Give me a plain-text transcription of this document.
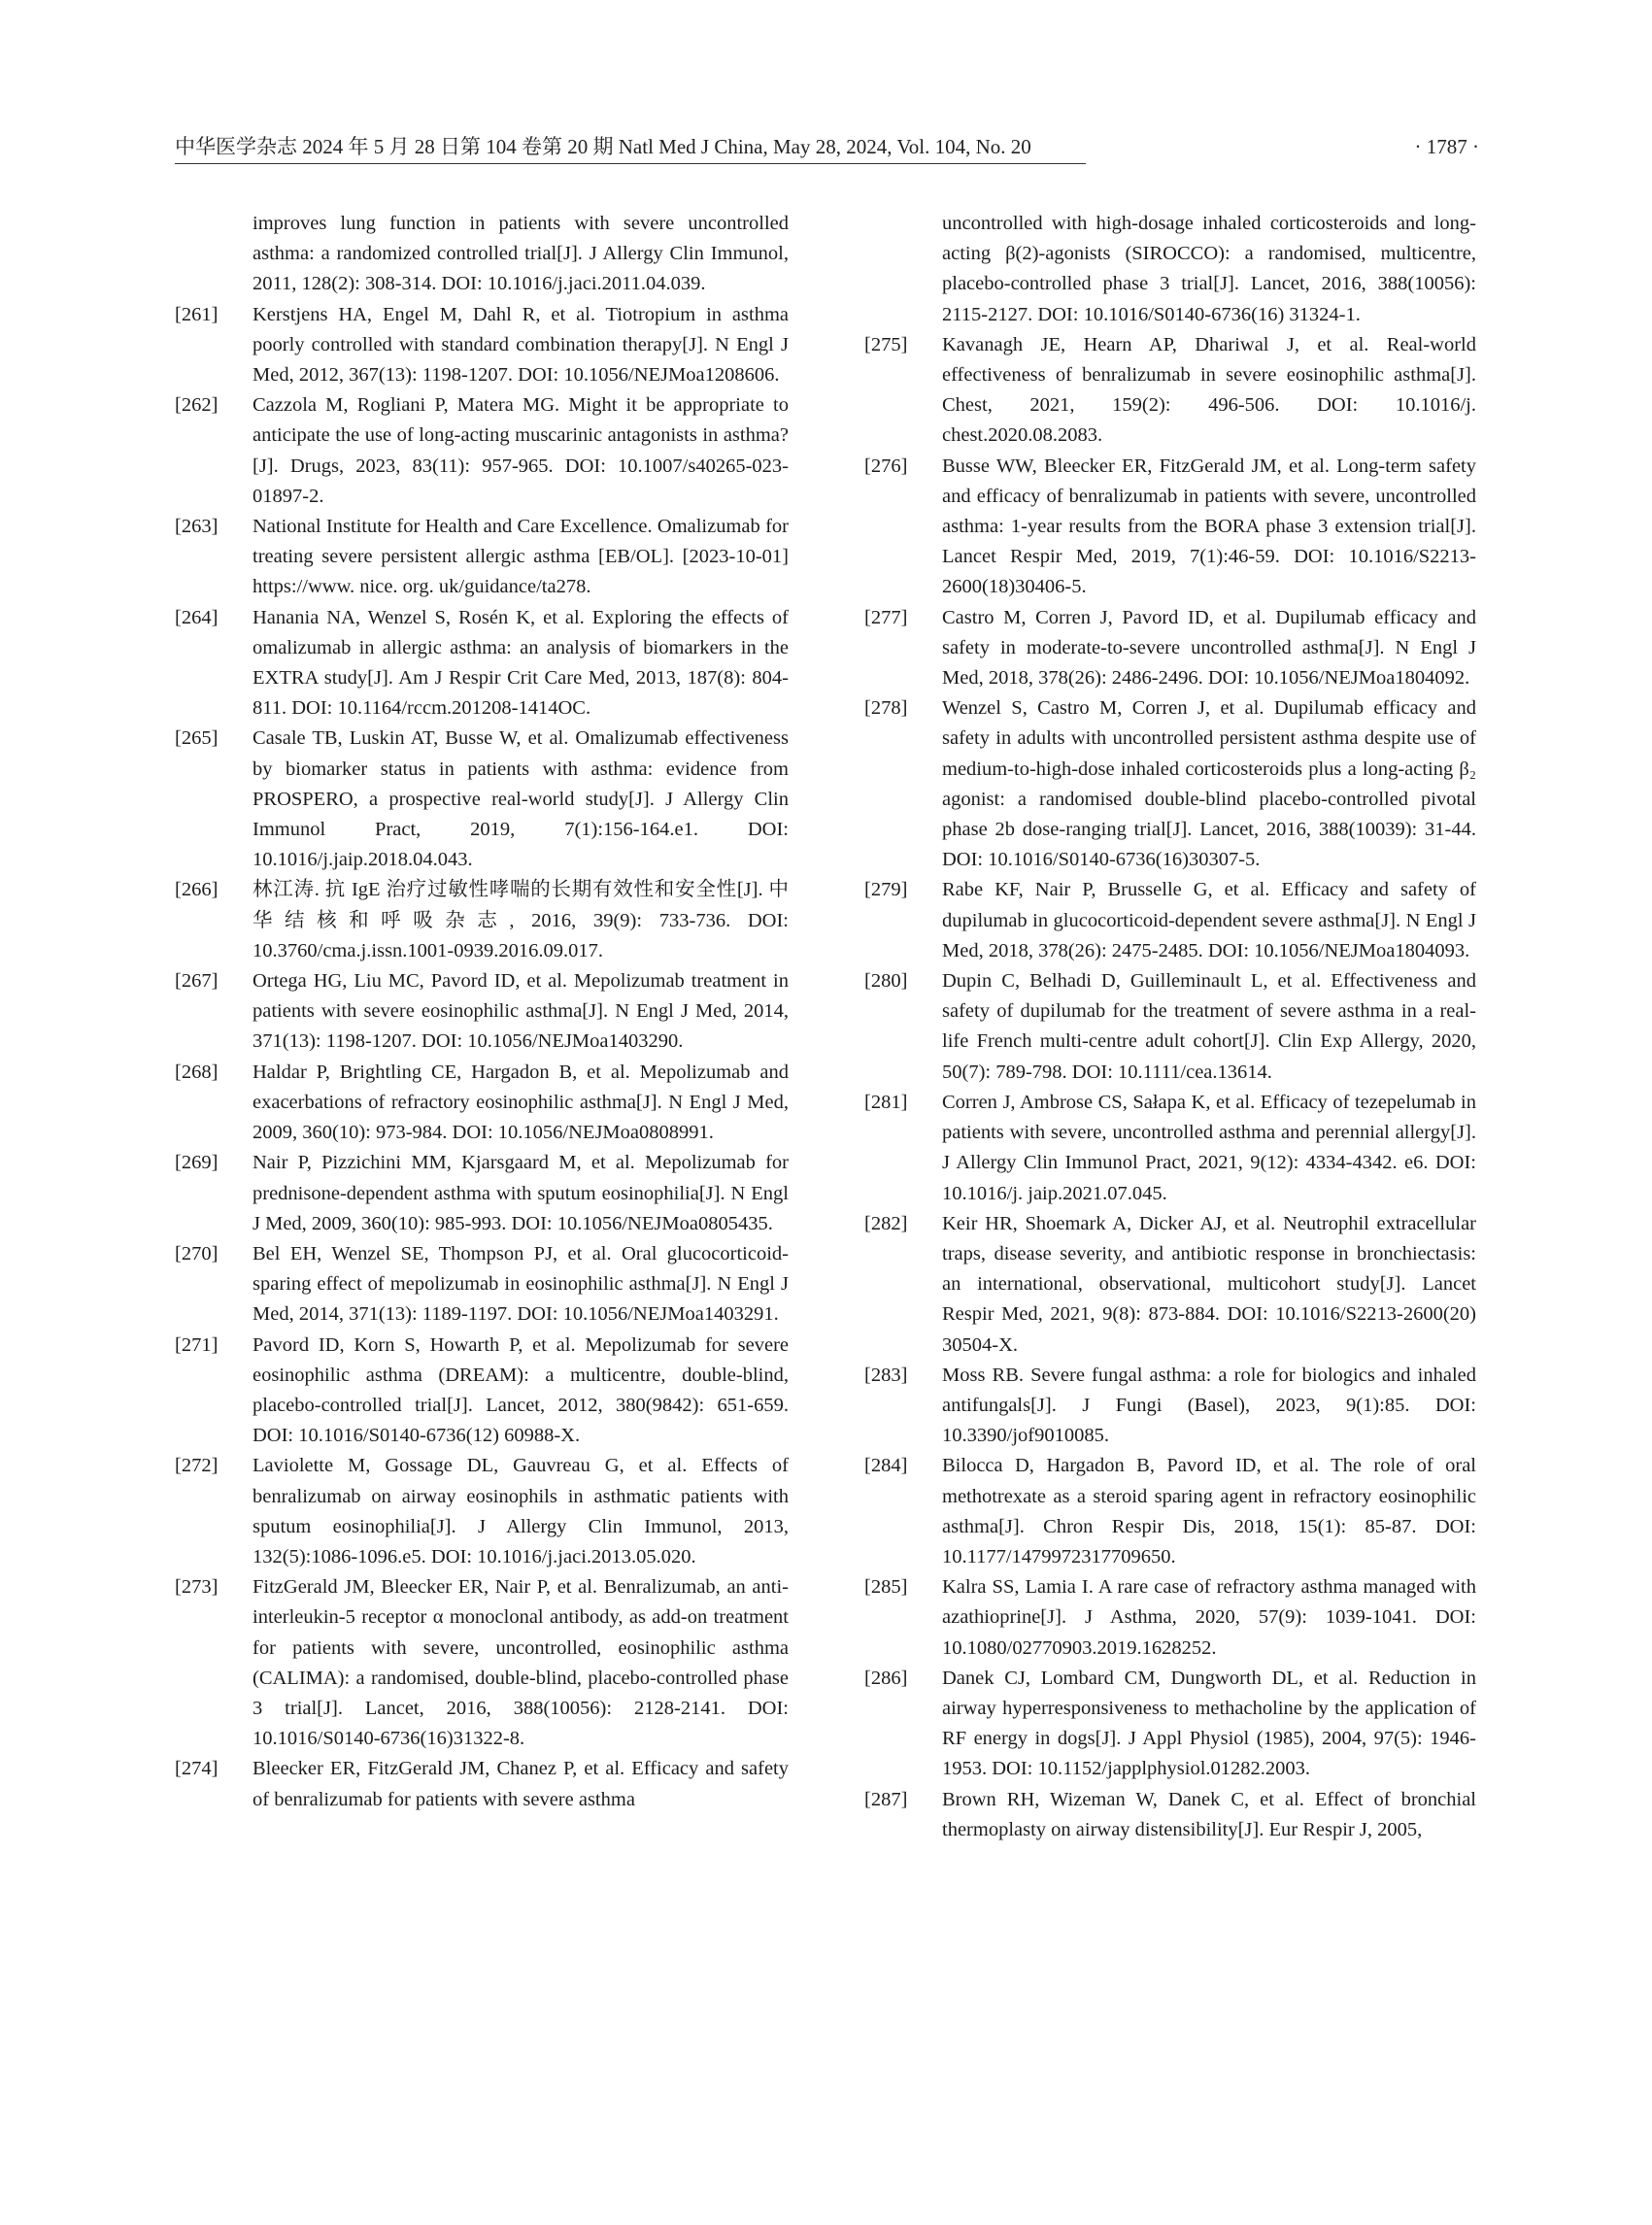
中华医学杂志 2024 年 5 月 28 日第 104 卷第 20 期 Natl Med J China, May 28, 2024, Vol. 104, No. 20	· 1787 ·
improves lung function in patients with severe uncontrolled asthma: a randomized controlled trial[J]. J Allergy Clin Immunol, 2011, 128(2): 308-314. DOI: 10.1016/j.jaci.2011.04.039.
[261]	Kerstjens HA, Engel M, Dahl R, et al. Tiotropium in asthma poorly controlled with standard combination therapy[J]. N Engl J Med, 2012, 367(13): 1198-1207. DOI: 10.1056/NEJMoa1208606.
[262]	Cazzola M, Rogliani P, Matera MG. Might it be appropriate to anticipate the use of long-acting muscarinic antagonists in asthma? [J]. Drugs, 2023, 83(11): 957-965. DOI: 10.1007/s40265-023-01897-2.
[263]	National Institute for Health and Care Excellence. Omalizumab for treating severe persistent allergic asthma [EB/OL]. [2023-10-01] https://www. nice. org. uk/guidance/ta278.
[264]	Hanania NA, Wenzel S, Rosén K, et al. Exploring the effects of omalizumab in allergic asthma: an analysis of biomarkers in the EXTRA study[J]. Am J Respir Crit Care Med, 2013, 187(8): 804-811. DOI: 10.1164/rccm.201208-1414OC.
[265]	Casale TB, Luskin AT, Busse W, et al. Omalizumab effectiveness by biomarker status in patients with asthma: evidence from PROSPERO, a prospective real-world study[J]. J Allergy Clin Immunol Pract, 2019, 7(1):156-164.e1. DOI: 10.1016/j.jaip.2018.04.043.
[266]	林江涛. 抗 IgE 治疗过敏性哮喘的长期有效性和安全性[J]. 中华结核和呼吸杂志, 2016, 39(9): 733-736. DOI: 10.3760/cma.j.issn.1001-0939.2016.09.017.
[267]	Ortega HG, Liu MC, Pavord ID, et al. Mepolizumab treatment in patients with severe eosinophilic asthma[J]. N Engl J Med, 2014, 371(13): 1198-1207. DOI: 10.1056/NEJMoa1403290.
[268]	Haldar P, Brightling CE, Hargadon B, et al. Mepolizumab and exacerbations of refractory eosinophilic asthma[J]. N Engl J Med, 2009, 360(10): 973-984. DOI: 10.1056/NEJMoa0808991.
[269]	Nair P, Pizzichini MM, Kjarsgaard M, et al. Mepolizumab for prednisone-dependent asthma with sputum eosinophilia[J]. N Engl J Med, 2009, 360(10): 985-993. DOI: 10.1056/NEJMoa0805435.
[270]	Bel EH, Wenzel SE, Thompson PJ, et al. Oral glucocorticoid-sparing effect of mepolizumab in eosinophilic asthma[J]. N Engl J Med, 2014, 371(13): 1189-1197. DOI: 10.1056/NEJMoa1403291.
[271]	Pavord ID, Korn S, Howarth P, et al. Mepolizumab for severe eosinophilic asthma (DREAM): a multicentre, double-blind, placebo-controlled trial[J]. Lancet, 2012, 380(9842): 651-659. DOI: 10.1016/S0140-6736(12) 60988-X.
[272]	Laviolette M, Gossage DL, Gauvreau G, et al. Effects of benralizumab on airway eosinophils in asthmatic patients with sputum eosinophilia[J]. J Allergy Clin Immunol, 2013, 132(5):1086-1096.e5. DOI: 10.1016/j.jaci.2013.05.020.
[273]	FitzGerald JM, Bleecker ER, Nair P, et al. Benralizumab, an anti-interleukin-5 receptor α monoclonal antibody, as add-on treatment for patients with severe, uncontrolled, eosinophilic asthma (CALIMA): a randomised, double-blind, placebo-controlled phase 3 trial[J]. Lancet, 2016, 388(10056): 2128-2141. DOI: 10.1016/S0140-6736(16)31322-8.
[274]	Bleecker ER, FitzGerald JM, Chanez P, et al. Efficacy and safety of benralizumab for patients with severe asthma
uncontrolled with high-dosage inhaled corticosteroids and long-acting β(2)-agonists (SIROCCO): a randomised, multicentre, placebo-controlled phase 3 trial[J]. Lancet, 2016, 388(10056): 2115-2127. DOI: 10.1016/S0140-6736(16) 31324-1.
[275]	Kavanagh JE, Hearn AP, Dhariwal J, et al. Real-world effectiveness of benralizumab in severe eosinophilic asthma[J]. Chest, 2021, 159(2): 496-506. DOI: 10.1016/j. chest.2020.08.2083.
[276]	Busse WW, Bleecker ER, FitzGerald JM, et al. Long-term safety and efficacy of benralizumab in patients with severe, uncontrolled asthma: 1-year results from the BORA phase 3 extension trial[J]. Lancet Respir Med, 2019, 7(1):46-59. DOI: 10.1016/S2213-2600(18)30406-5.
[277]	Castro M, Corren J, Pavord ID, et al. Dupilumab efficacy and safety in moderate-to-severe uncontrolled asthma[J]. N Engl J Med, 2018, 378(26): 2486-2496. DOI: 10.1056/NEJMoa1804092.
[278]	Wenzel S, Castro M, Corren J, et al. Dupilumab efficacy and safety in adults with uncontrolled persistent asthma despite use of medium-to-high-dose inhaled corticosteroids plus a long-acting β₂ agonist: a randomised double-blind placebo-controlled pivotal phase 2b dose-ranging trial[J]. Lancet, 2016, 388(10039): 31-44. DOI: 10.1016/S0140-6736(16)30307-5.
[279]	Rabe KF, Nair P, Brusselle G, et al. Efficacy and safety of dupilumab in glucocorticoid-dependent severe asthma[J]. N Engl J Med, 2018, 378(26): 2475-2485. DOI: 10.1056/NEJMoa1804093.
[280]	Dupin C, Belhadi D, Guilleminault L, et al. Effectiveness and safety of dupilumab for the treatment of severe asthma in a real-life French multi-centre adult cohort[J]. Clin Exp Allergy, 2020, 50(7): 789-798. DOI: 10.1111/cea.13614.
[281]	Corren J, Ambrose CS, Sałapa K, et al. Efficacy of tezepelumab in patients with severe, uncontrolled asthma and perennial allergy[J]. J Allergy Clin Immunol Pract, 2021, 9(12): 4334-4342. e6. DOI: 10.1016/j. jaip.2021.07.045.
[282]	Keir HR, Shoemark A, Dicker AJ, et al. Neutrophil extracellular traps, disease severity, and antibiotic response in bronchiectasis: an international, observational, multicohort study[J]. Lancet Respir Med, 2021, 9(8): 873-884. DOI: 10.1016/S2213-2600(20) 30504-X.
[283]	Moss RB. Severe fungal asthma: a role for biologics and inhaled antifungals[J]. J Fungi (Basel), 2023, 9(1):85. DOI: 10.3390/jof9010085.
[284]	Bilocca D, Hargadon B, Pavord ID, et al. The role of oral methotrexate as a steroid sparing agent in refractory eosinophilic asthma[J]. Chron Respir Dis, 2018, 15(1): 85-87. DOI: 10.1177/1479972317709650.
[285]	Kalra SS, Lamia I. A rare case of refractory asthma managed with azathioprine[J]. J Asthma, 2020, 57(9): 1039-1041. DOI: 10.1080/02770903.2019.1628252.
[286]	Danek CJ, Lombard CM, Dungworth DL, et al. Reduction in airway hyperresponsiveness to methacholine by the application of RF energy in dogs[J]. J Appl Physiol (1985), 2004, 97(5): 1946-1953. DOI: 10.1152/japplphysiol.01282.2003.
[287]	Brown RH, Wizeman W, Danek C, et al. Effect of bronchial thermoplasty on airway distensibility[J]. Eur Respir J, 2005,
